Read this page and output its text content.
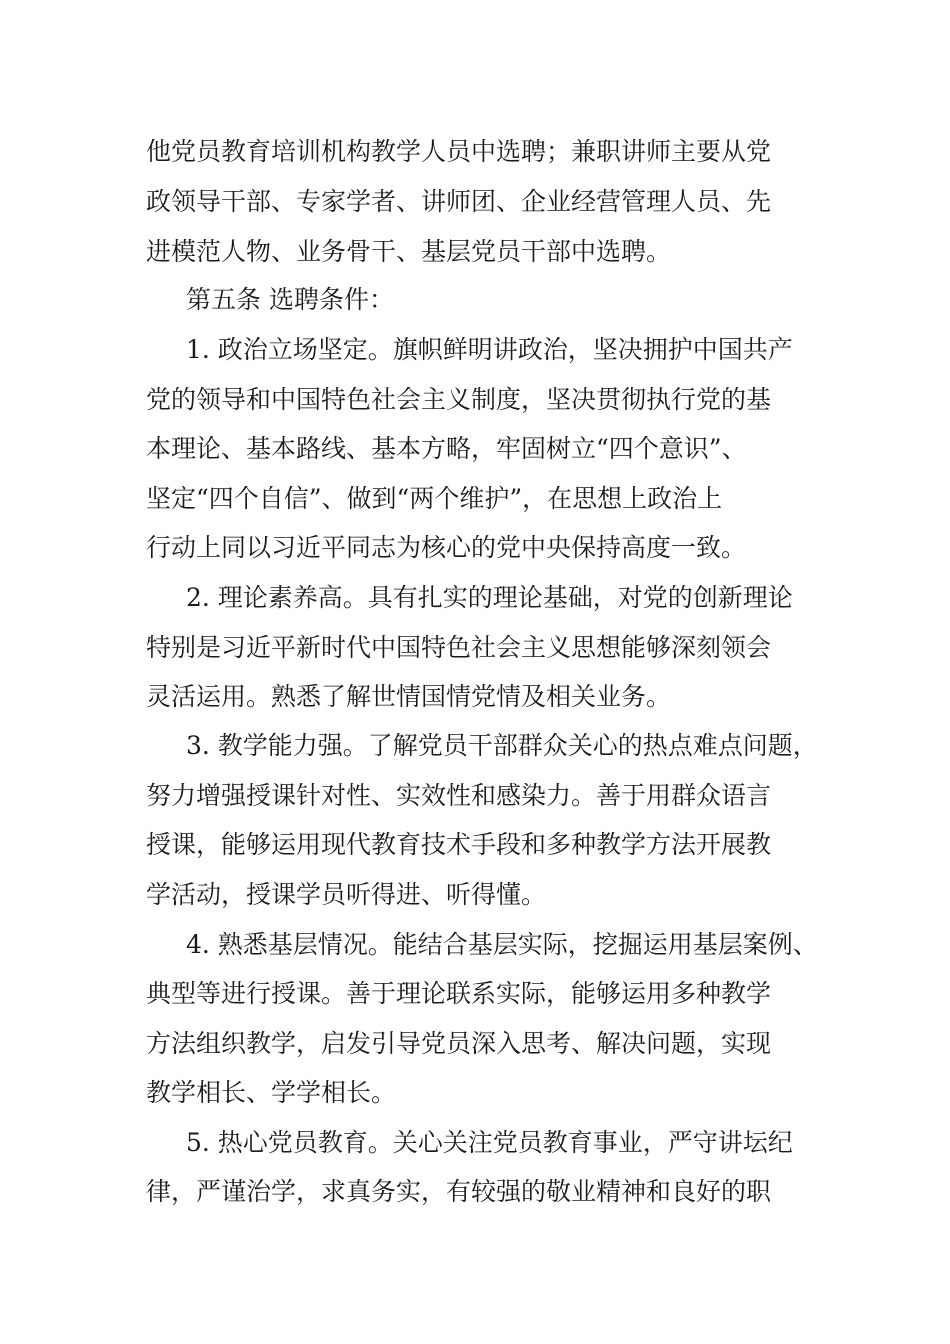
他党员教育培训机构教学人员中选聘；兼职讲师主要从党
政领导干部、专家学者、讲师团、企业经营管理人员、先
进模范人物、业务骨干、基层党员干部中选聘。
第五条 选聘条件：
1. 政治立场坚定。旗帜鲜明讲政治，坚决拥护中国共产
党的领导和中国特色社会主义制度，坚决贯彻执行党的基
本理论、基本路线、基本方略，牢固树立“四个意识”、
坚定“四个自信”、做到“两个维护”，在思想上政治上
行动上同以习近平同志为核心的党中央保持高度一致。
2. 理论素养高。具有扎实的理论基础，对党的创新理论
特别是习近平新时代中国特色社会主义思想能够深刻领会
灵活运用。熟悉了解世情国情党情及相关业务。
3. 教学能力强。了解党员干部群众关心的热点难点问题，
努力增强授课针对性、实效性和感染力。善于用群众语言
授课，能够运用现代教育技术手段和多种教学方法开展教
学活动，授课学员听得进、听得懂。
4. 熟悉基层情况。能结合基层实际，挖掘运用基层案例、
典型等进行授课。善于理论联系实际，能够运用多种教学
方法组织教学，启发引导党员深入思考、解决问题，实现
教学相长、学学相长。
5. 热心党员教育。关心关注党员教育事业，严守讲坛纪
律，严谨治学，求真务实，有较强的敬业精神和良好的职
